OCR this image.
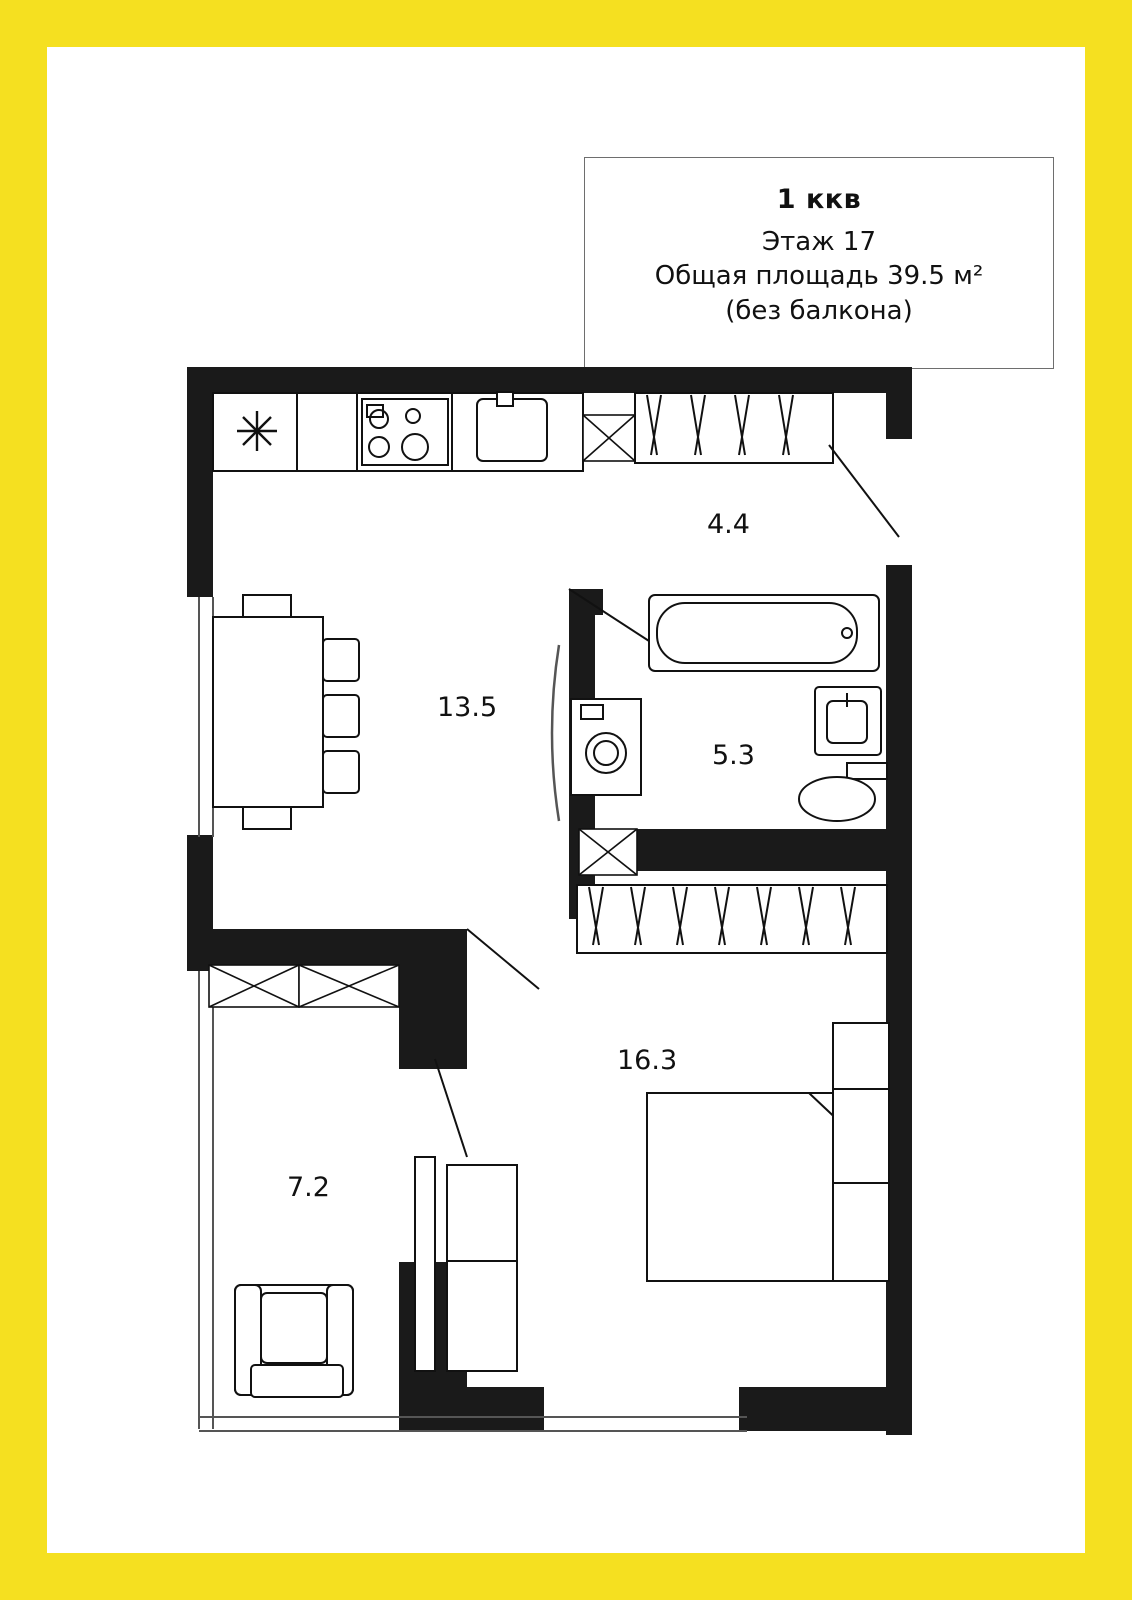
1 ккв
Этаж 17
Общая площадь 39.5 м²
(без балкона)
4.4
13.5
5.3
16.3
7.2
